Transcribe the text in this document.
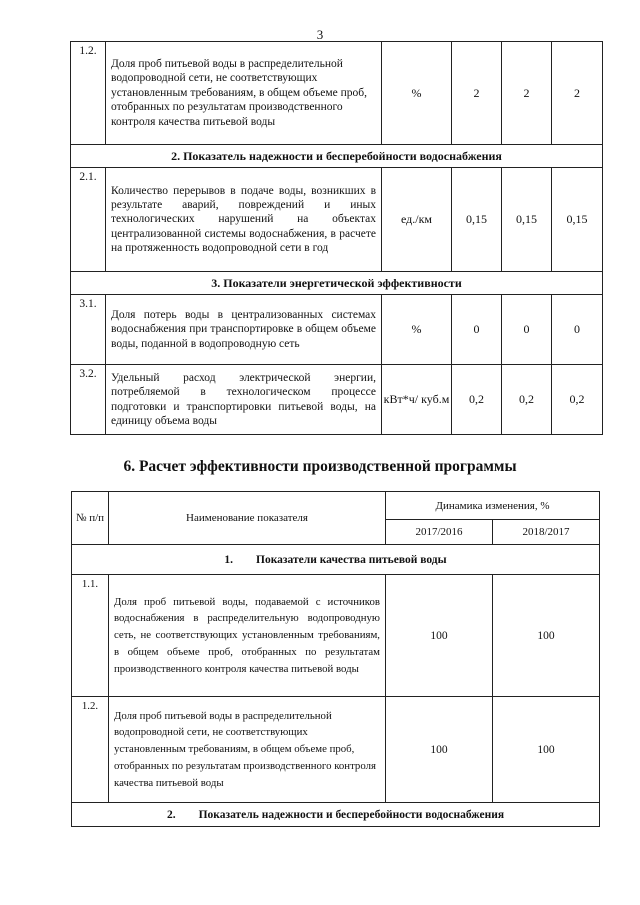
3
1.2.	Доля проб питьевой воды в распределительной водопроводной сети, не соответствующих установленным требованиям, в общем объеме проб, отобранных по результатам производственного контроля качества питьевой воды	%	2	2	2
2. Показатель надежности и бесперебойности водоснабжения					
2.1.	Количество перерывов в подаче воды, возникших в результате аварий, повреждений и иных технологических нарушений на объектах централизованной системы водоснабжения, в расчете на протяженность водопроводной сети в год	ед./км	0,15	0,15	0,15
3. Показатели энергетической эффективности					
3.1.	Доля потерь воды в централизованных системах водоснабжения при транспортировке в общем объеме воды, поданной в водопроводную сеть	%	0	0	0
3.2.	Удельный расход электрической энергии, потребляемой в технологическом процессе подготовки и транспортировки питьевой воды, на единицу объема воды	кВт*ч/ куб.м	0,2	0,2	0,2
6. Расчет эффективности производственной программы
№ п/п	Наименование показателя	Динамика изменения, %	
		2017/2016	2018/2017
1.        Показатели качества питьевой воды			
1.1.	Доля проб питьевой воды, подаваемой с источников водоснабжения в распределительную водопроводную сеть, не соответствующих установленным требованиям, в общем объеме проб, отобранных по результатам производственного контроля качества питьевой воды	100	100
1.2.	Доля проб питьевой воды в распределительной водопроводной сети, не соответствующих установленным требованиям, в общем объеме проб, отобранных по результатам производственного контроля качества питьевой воды	100	100
2.        Показатель надежности и бесперебойности водоснабжения			
